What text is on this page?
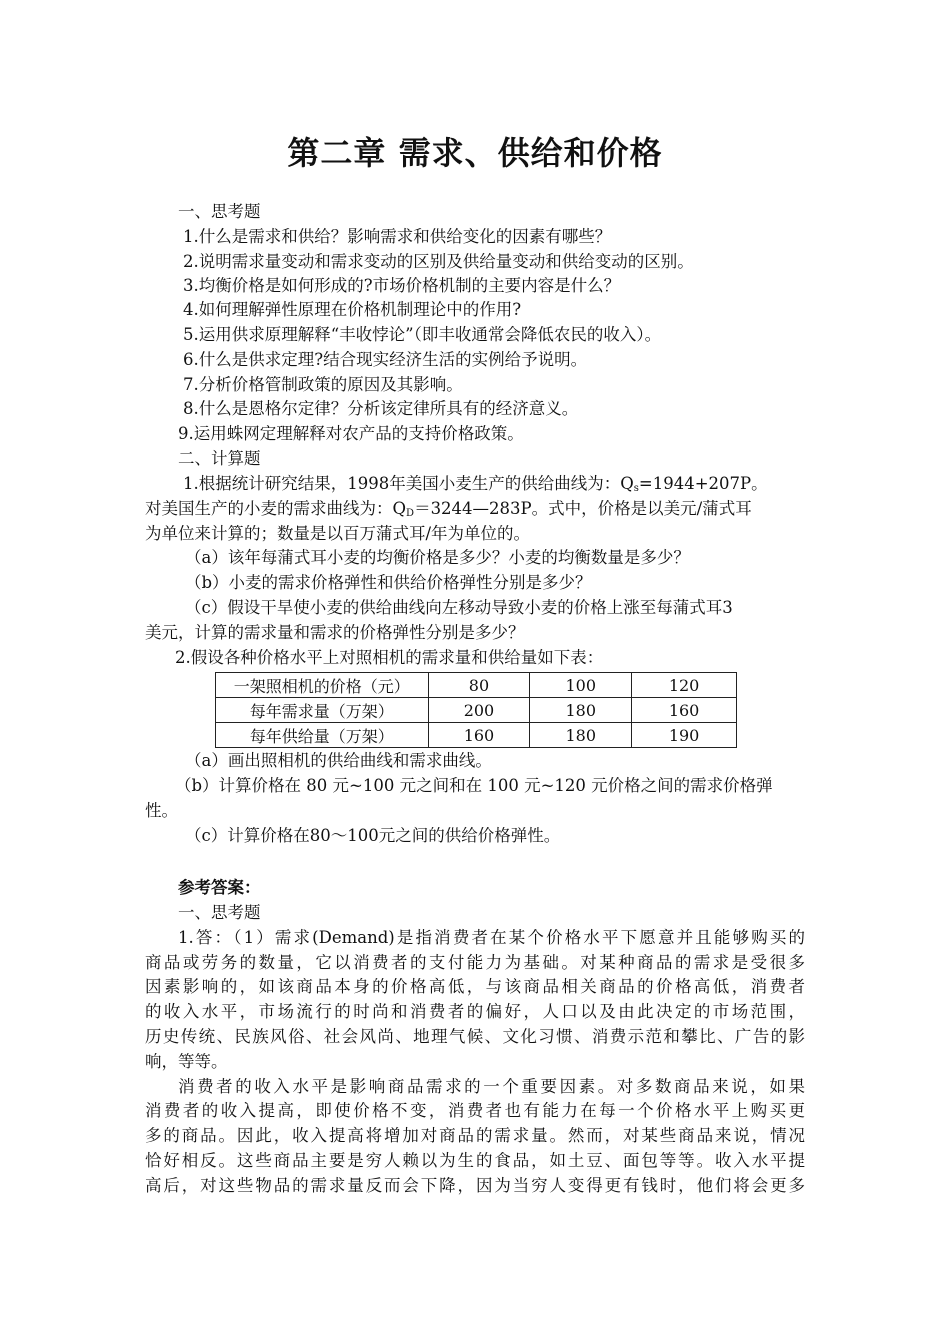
第二章 需求、供给和价格
一、思考题
1.什么是需求和供给？影响需求和供给变化的因素有哪些？
2.说明需求量变动和需求变动的区别及供给量变动和供给变动的区别。
3.均衡价格是如何形成的?市场价格机制的主要内容是什么？
4.如何理解弹性原理在价格机制理论中的作用?
5.运用供求原理解释“丰收悖论”（即丰收通常会降低农民的收入）。
6.什么是供求定理?结合现实经济生活的实例给予说明。
7.分析价格管制政策的原因及其影响。
8.什么是恩格尔定律？分析该定律所具有的经济意义。
9.运用蛛网定理解释对农产品的支持价格政策。
二、计算题
1.根据统计研究结果，1998年美国小麦生产的供给曲线为：$Q_s=1944+207P$。
对美国生产的小麦的需求曲线为：$Q_D=3244—283P$。式中，价格是以美元/蒲式耳
为单位来计算的；数量是以百万蒲式耳/年为单位的。
（a）该年每蒲式耳小麦的均衡价格是多少？小麦的均衡数量是多少？
（b）小麦的需求价格弹性和供给价格弹性分别是多少？
（c）假设干旱使小麦的供给曲线向左移动导致小麦的价格上涨至每蒲式耳3
美元，计算的需求量和需求的价格弹性分别是多少？
2.假设各种价格水平上对照相机的需求量和供给量如下表：
一架照相机的价格（元）	80	100	120
每年需求量（万架）	200	180	160
每年供给量（万架）	160	180	190
（a）画出照相机的供给曲线和需求曲线。
（b）计算价格在 80 元~100 元之间和在 100 元~120 元价格之间的需求价格弹
性。
（c）计算价格在80～100元之间的供给价格弹性。
参考答案：
一、思考题
1.答：（1）需求(Demand)是指消费者在某个价格水平下愿意并且能够购买的
商品或劳务的数量，它以消费者的支付能力为基础。对某种商品的需求是受很多
因素影响的，如该商品本身的价格高低，与该商品相关商品的价格高低，消费者
的收入水平，市场流行的时尚和消费者的偏好，人口以及由此决定的市场范围，
历史传统、民族风俗、社会风尚、地理气候、文化习惯、消费示范和攀比、广告的影
响，等等。
消费者的收入水平是影响商品需求的一个重要因素。对多数商品来说，如果
消费者的收入提高，即使价格不变，消费者也有能力在每一个价格水平上购买更
多的商品。因此，收入提高将增加对商品的需求量。然而，对某些商品来说，情况
恰好相反。这些商品主要是穷人赖以为生的食品，如土豆、面包等等。收入水平提
高后，对这些物品的需求量反而会下降，因为当穷人变得更有钱时，他们将会更多
